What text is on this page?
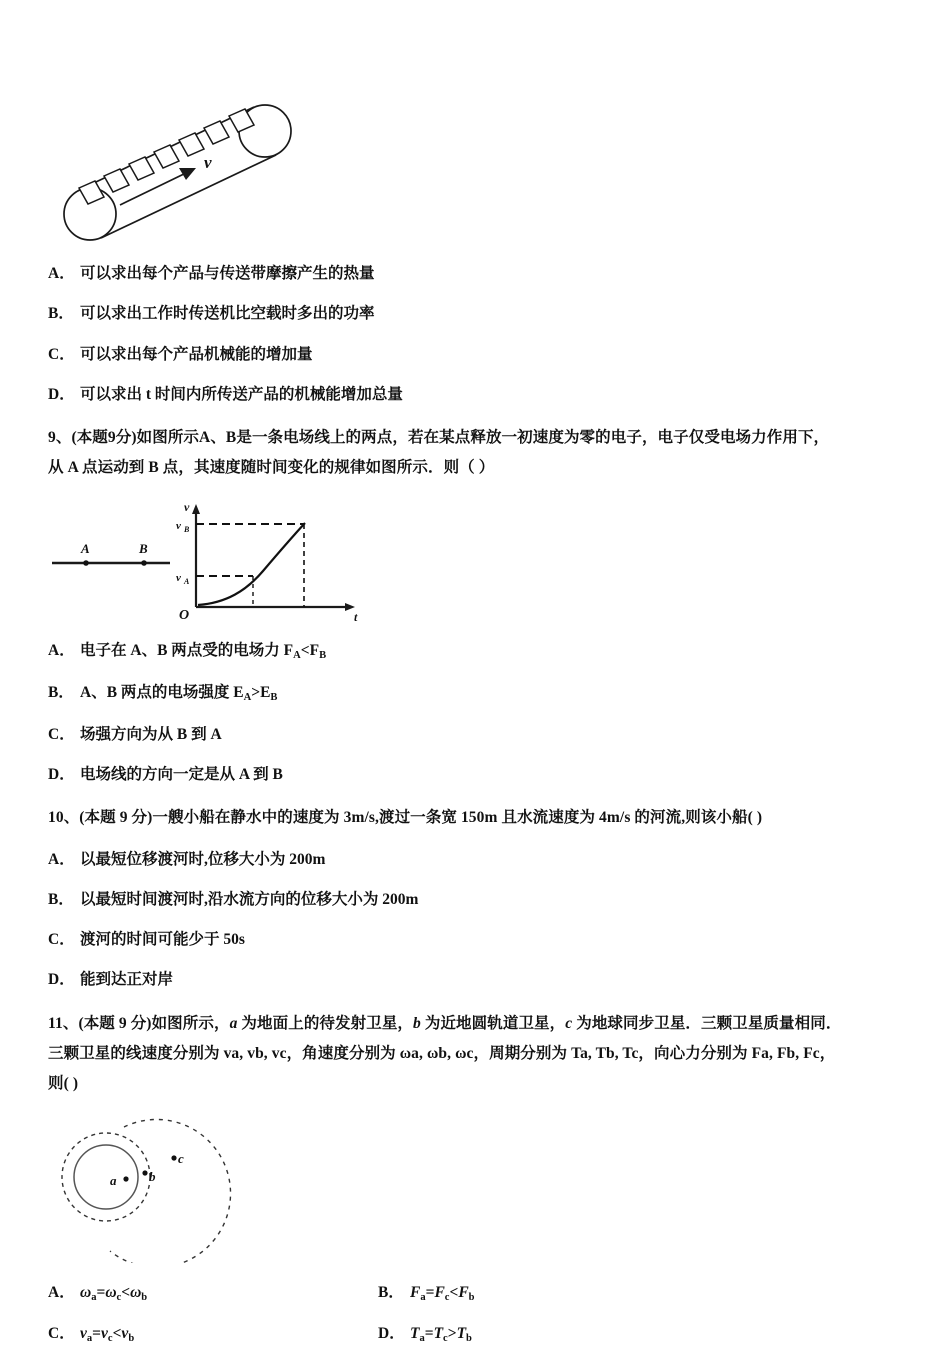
v
A． 可以求出每个产品与传送带摩擦产生的热量
B． 可以求出工作时传送机比空载时多出的功率
C． 可以求出每个产品机械能的增加量
D． 可以求出 t 时间内所传送产品的机械能增加总量
9、(本题9分)如图所示A、B是一条电场线上的两点，若在某点释放一初速度为零的电子，电子仅受电场力作用下，
从 A 点运动到 B 点，其速度随时间变化的规律如图所示．则（ ）
A	B
v
t
O
v B
v A
A． 电子在 A、B 两点受的电场力 $F_A<F_B$
B． A、B 两点的电场强度 $E_A>E_B$
C． 场强方向为从 B 到 A
D． 电场线的方向一定是从 A 到 B
10、(本题 9 分)一艘小船在静水中的速度为 3m/s,渡过一条宽 150m 且水流速度为 4m/s 的河流,则该小船( )
A． 以最短位移渡河时,位移大小为 200m
B． 以最短时间渡河时,沿水流方向的位移大小为 200m
C． 渡河的时间可能少于 50s
D． 能到达正对岸
11、(本题 9 分)如图所示，a 为地面上的待发射卫星，b 为近地圆轨道卫星，c 为地球同步卫星．三颗卫星质量相同．
三颗卫星的线速度分别为 va, vb, vc，角速度分别为 ωa, ωb, ωc，周期分别为 Ta, Tb, Tc，向心力分别为 Fa, Fb, Fc，
则( )
a	b
c
A． $\omega_a=\omega_c<\omega_b$	B． $F_a=F_c<F_b$
C． $v_a=v_c<v_b$	D． $T_a=T_c>T_b$
